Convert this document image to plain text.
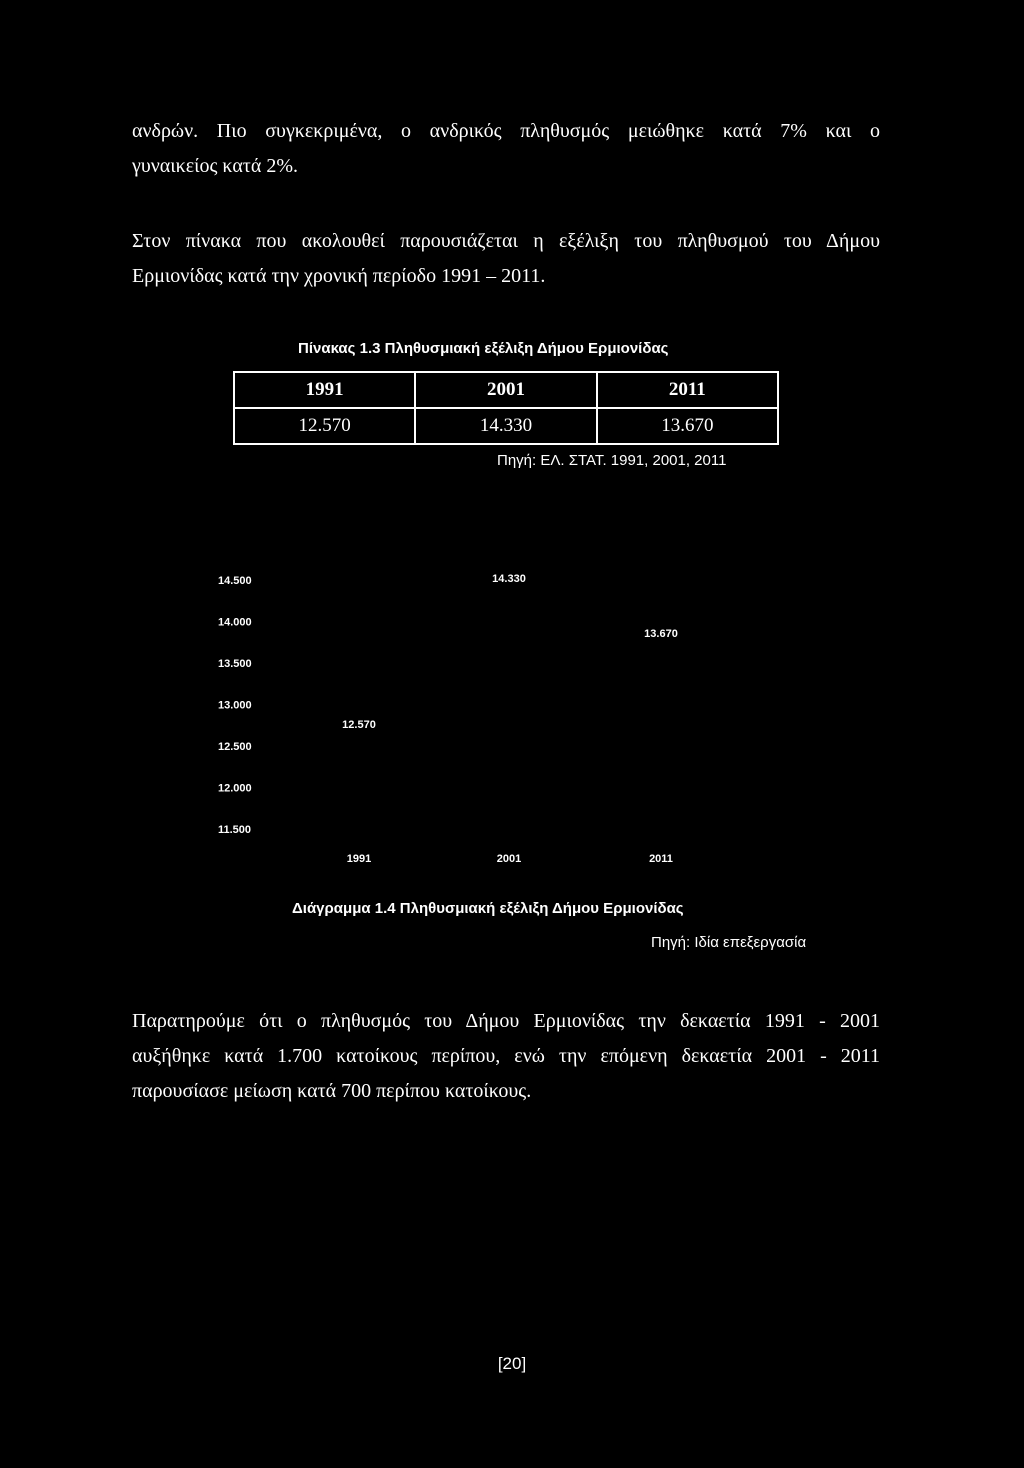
ανδρών. Πιο συγκεκριμένα, ο ανδρικός πληθυσμός μειώθηκε κατά 7% και ο

γυναικείος κατά 2%.

Στον πίνακα που ακολουθεί παρουσιάζεται η εξέλιξη του πληθυσμού του Δήμου

Ερμιονίδας κατά την χρονική περίοδο 1991 – 2011.

Πίνακας 1.3 Πληθυσμιακή εξέλιξη Δήμου Ερμιονίδας
1991	2001	2011
12.570	14.330	13.670
Πηγή: ΕΛ. ΣΤΑΤ. 1991, 2001, 2011
14.500
14.000
13.500
13.000
12.500
12.000
11.500
12.570
1991
14.330
2001
13.670
2011
Διάγραμμα 1.4 Πληθυσμιακή εξέλιξη Δήμου Ερμιονίδας
Πηγή: Ιδία επεξεργασία

Παρατηρούμε ότι ο πληθυσμός του Δήμου Ερμιονίδας την δεκαετία 1991 - 2001

αυξήθηκε κατά 1.700 κατοίκους περίπου, ενώ την επόμενη δεκαετία 2001 - 2011

παρουσίασε μείωση κατά 700 περίπου κατοίκους.

[20]
